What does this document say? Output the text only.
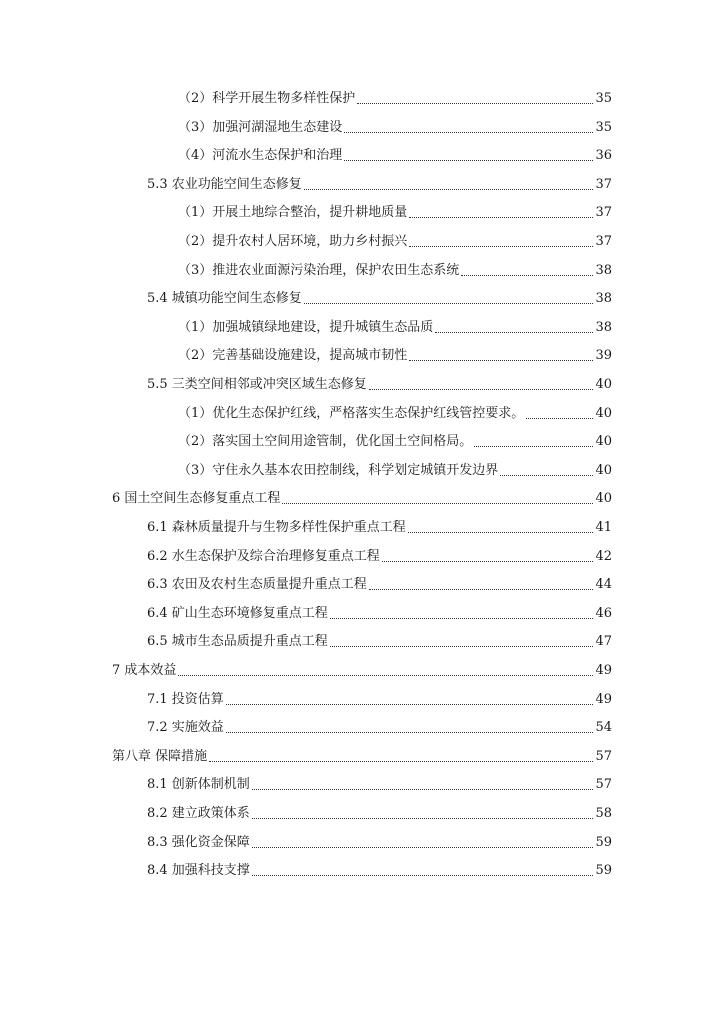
（2）科学开展生物多样性保护	35
（3）加强河湖湿地生态建设	35
（4）河流水生态保护和治理	36
5.3 农业功能空间生态修复	37
（1）开展土地综合整治，提升耕地质量	37
（2）提升农村人居环境，助力乡村振兴	37
（3）推进农业面源污染治理，保护农田生态系统	38
5.4 城镇功能空间生态修复	38
（1）加强城镇绿地建设，提升城镇生态品质	38
（2）完善基础设施建设，提高城市韧性	39
5.5 三类空间相邻或冲突区域生态修复	40
（1）优化生态保护红线，严格落实生态保护红线管控要求。	40
（2）落实国土空间用途管制，优化国土空间格局。	40
（3）守住永久基本农田控制线，科学划定城镇开发边界	40
6 国土空间生态修复重点工程	40
6.1 森林质量提升与生物多样性保护重点工程	41
6.2 水生态保护及综合治理修复重点工程	42
6.3 农田及农村生态质量提升重点工程	44
6.4 矿山生态环境修复重点工程	46
6.5 城市生态品质提升重点工程	47
7 成本效益	49
7.1 投资估算	49
7.2 实施效益	54
第八章 保障措施	57
8.1 创新体制机制	57
8.2 建立政策体系	58
8.3 强化资金保障	59
8.4 加强科技支撑	59
